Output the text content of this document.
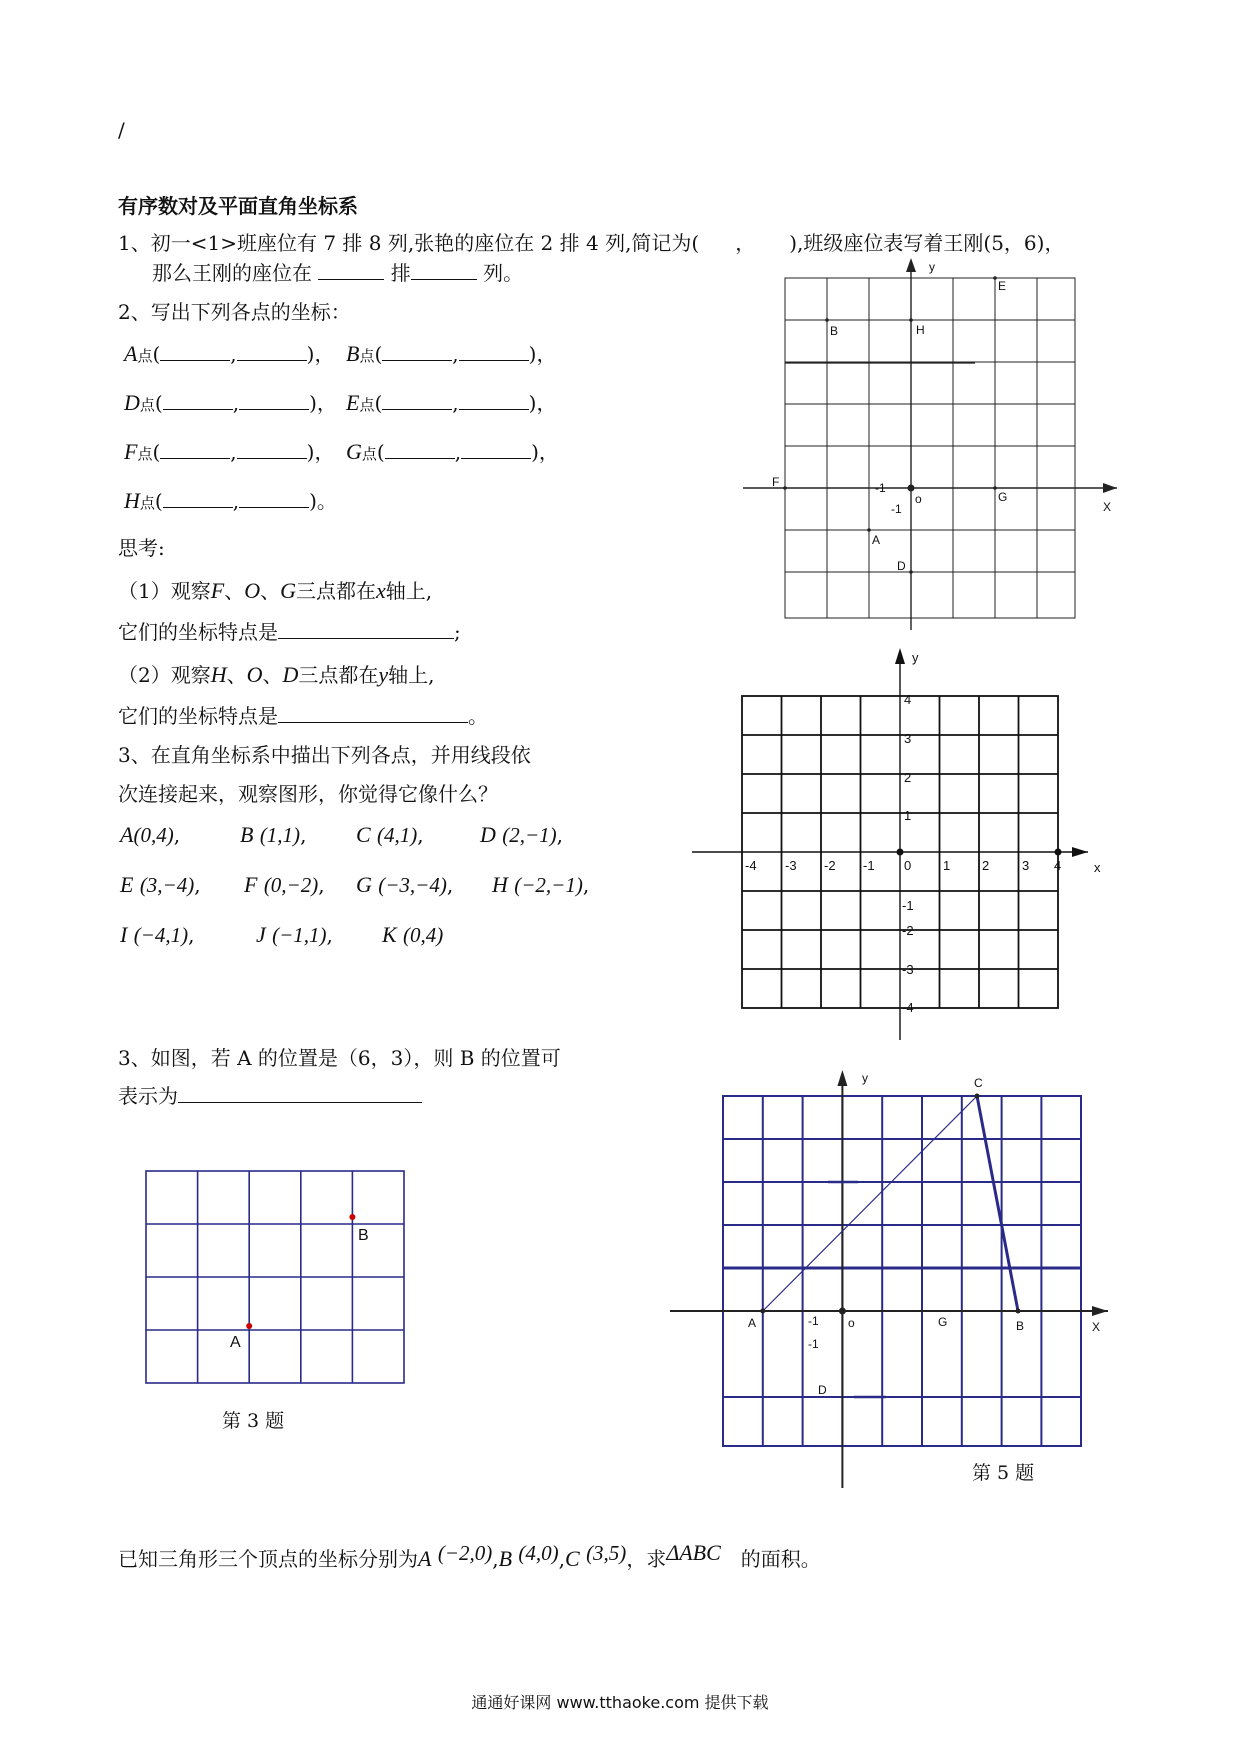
/
有序数对及平面直角坐标系
1、初一<1>班座位有 7 排 8 列,张艳的座位在 2 排 4 列,简记为( ， ),班级座位表写着王刚(5，6)，
那么王刚的座位在	排	列。
2、写出下列各点的坐标：
A点(	,	)， B点(	,	)，
D点(	,	)， E点(	,	)，
F点(	,	)， G点(	,	)，
H点(	,	)。
思考:
（1）观察F、O、G三点都在x轴上,
它们的坐标特点是	;
（2）观察H、O、D三点都在y轴上,
它们的坐标特点是	。
3、在直角坐标系中描出下列各点，并用线段依
次连接起来，观察图形，你觉得它像什么？
A(0,4),	B (1,1), C (4,1),	D (2,−1),
E (3,−4), F (0,−2), G (−3,−4), H (−2,−1),
I (−4,1),	J (−1,1), K (0,4)
3、如图，若 A 的位置是（6，3），则 B 的位置可
表示为
A
B
第 3 题
y
X
E
B	H
F
G
o
-1
-1
A
D
y
x
-4 -3 -2 -1 0 1 2	3 4
4
3
2
1
-1
-2
-3
-4
y
X
C
A	B
G
o
-1
-1
D
第 5 题
已知三角形三个顶点的坐标分别为A (−2,0),B (4,0),C (3,5)，求ΔABC 的面积。
通通好课网 www.tthaoke.com 提供下载
